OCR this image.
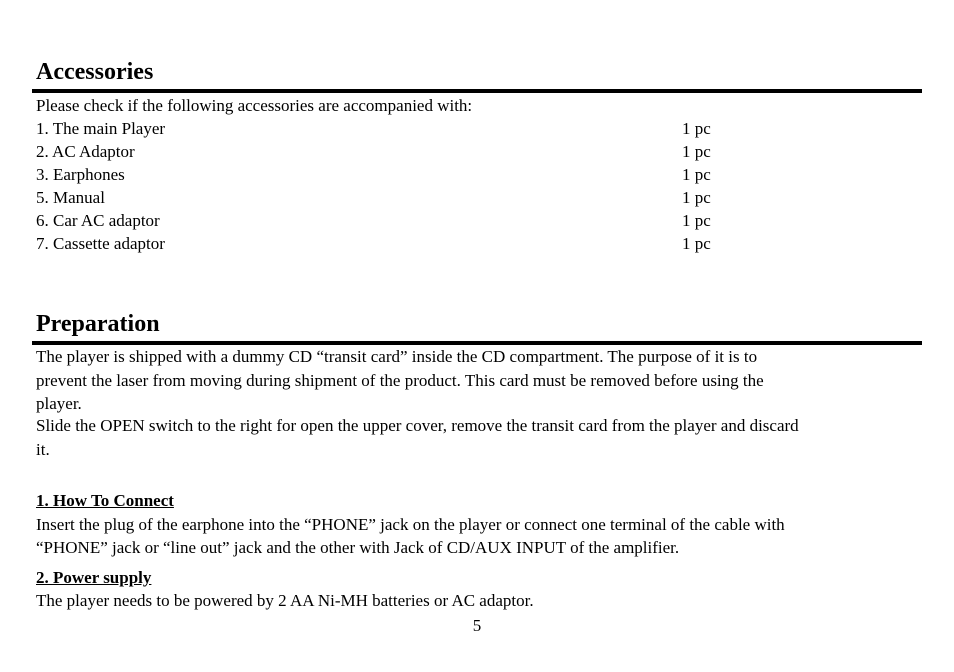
Accessories

Please check if the following accessories are accompanied with:

1. The main Player	1 pc
2. AC Adaptor	1 pc
3. Earphones	1 pc
5. Manual	1 pc
6. Car AC adaptor	1 pc
7. Cassette adaptor	1 pc
Preparation

The player is shipped with a dummy CD “transit card” inside the CD compartment. The purpose of it is to

prevent the laser from moving during shipment of the product. This card must be removed before using the

player.

Slide the OPEN switch to the right for open the upper cover, remove the transit card from the player and discard

it.

1. How To Connect

Insert the plug of the earphone into the “PHONE” jack on the player or connect one terminal of the cable with

“PHONE” jack or “line out” jack and the other with Jack of CD/AUX INPUT of the amplifier.

2. Power supply

The player needs to be powered by 2 AA Ni-MH batteries or AC adaptor.

5
